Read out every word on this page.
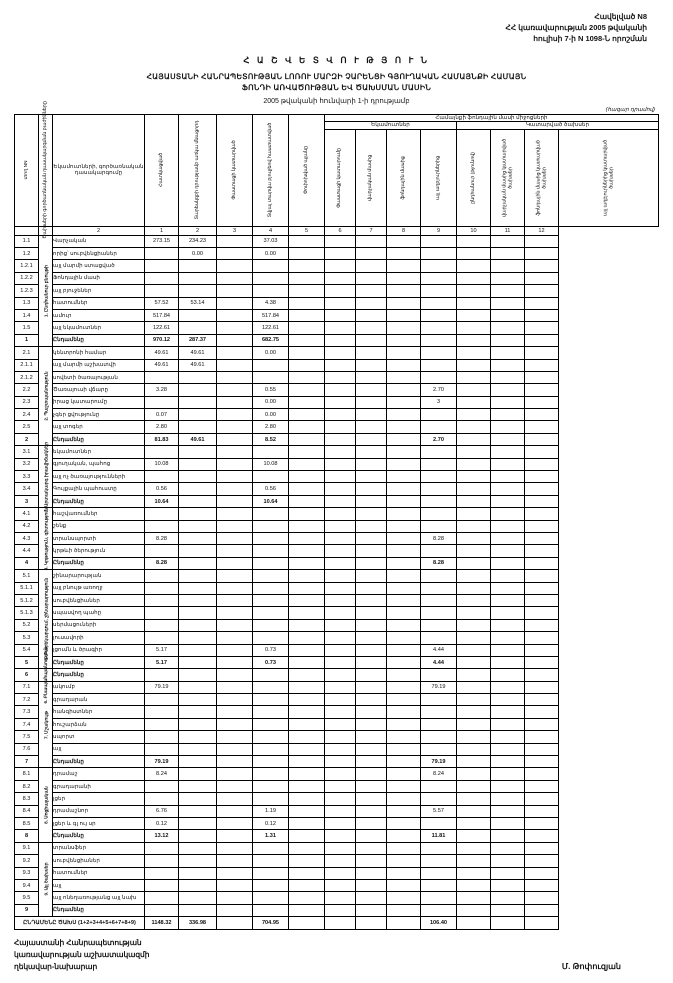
Հավելված N8
ՀՀ կառավարության 2005 թվականի
հուլիսի 7-ի N 1098-Ն որոշման
Հ Ա Շ Վ Ե Տ Վ Ո Ւ Թ Յ Ո Ւ Ն
ՀԱՅԱՍՏԱՆԻ ՀԱՆՐԱՊԵՏՈՒԹՅԱՆ ԼՈՌՈՒ ՄԱՐԶԻ ՉԱՐԵՆՑԻ ԳՅՈՒՂԱԿԱՆ ՀԱՄԱՅՆՔԻ ՀԱՄԱՅՆ
ՖՈՆԴԻ ԱՌՎԱԾՈՒԹՅԱՆ ԵՎ ԾԱԽՍՄԱՆ ՄԱՍԻՆ
2005 թվականի հունվարի 1-ի դրությամբ
(հազար դրամով)
տող NN	Ծախսերի գործառնական դասակարգման բաժինները	Եկամուտների, գործառնական դասակարգումը	Հատկացված	Տարեսկզբի դրությամբ առկա մնացորդ	Փաստացի կատարված	Տվյալ տարվա բյուջեով հաստատված	Փոփոխված պլանը	Համայնքի ֆոնդային մասի միջոցների							
								Եկամուտներ				Կատարված ծախսեր			

								Փաստացի կատարումը	վարչական մասից	ֆոնդային մասից	այլ աղբյուրներից	ընդհանուր (թյունով)	վարչական մասից կատարված ծախսեր	ֆոնդային մասից կատարված ծախսեր	այլ աղբյուրներից կատարված ծախսեր

		2	1	2	3	4	5	6	7	8	9	10	11	12	
1.1	1. Ընդհանուր բնույթի	Վարչական	273.15	234.23		37.03									
1.2		որից՝ սուբվենցիաներ		0.00		0.00									
1.2.1		այլ մարմի ստացված													
1.2.2		Ֆոնդային մասի													
1.2.3		այլ բյուջեներ													
1.3		հատումներ	57.52	53.14		4.38									
1.4		ամուր	517.84			517.84									
1.5		այլ եկամուտներ	122.61			122.61									
1		Ընդամենը	970.12	287.37		682.75									
2.1	2. Պաշտպանություն	կենտրոնի համար	49.61	49.61		0.00									
2.1.1		այլ մարմի աշխատվի	49.61	49.61											
2.1.2		սովետի ծառայության													
2.2		Ծառայուսի վճարը	3.28			0.55					2.70				
2.3		իրաց կատարումը				0.00					3				
2.4		չգեր ցվությունը	0.07			0.00									
2.5		այլ տոգեր	2.80			2.80									
2		Ընդամենը	81.83	49.61		8.52					2.70				
3.1	3. Արտակարգ իրավիճակներ	եկամուտներ													
3.2		գյուղական, պահոց	10.08			10.08									
3.3		այլ ոչ ծառայությունների													
3.4		Գույքային պահուստը	0.56			0.56									
3		Ընդամենը	10.64			10.64									
4.1	4. Կրթություն, գիտություն	հաշվառումներ													
4.2		շենք													
4.3		տրանսպորտի	8.28								8.28				
4.4		կրթևի ծերություն													
4		Ընդամենը	8.28								8.28				
5.1	5. Բարեկարգում, շինարարություն	շինարարության													
5.1.1		այլ բնույթ առողջ													
5.1.2		սուբվենցիաներ													
5.1.3		սպասվող պահը													
5.2		սերմացուների													
5.3		լուսավորի													
5.4		լցումն և ծրագիր	5.17			0.73					4.44				
5		Ընդամենը	5.17			0.73					4.44				
6	6. Բնապահպանություն	Ընդամենը													
7.1	7. Մշակույթ	ակումբ	79.19								79.19				
7.2		գրադարան													
7.3		հանգիստներ													
7.4		հուշարձան													
7.5		սպորտ													
7.6		այլ													
7		Ընդամենը	79.19								79.19				
8.1	8. Սոցիալական	դրամաշ	8.24								8.24				
8.2		գրադարանի													
8.3		լցեր													
8.4		դրամաշնոր	6.76			1.19					5.57				
8.5		լցեր և գլ ույ սր	0.12			0.12									
8		Ընդամենը	13.12			1.31					11.81				
9.1	9. Այլ ծախսեր	տրանսֆեր													
9.2		սուբվենցիաներ													
9.3		հատումներ													
9.4		այլ													
9.5		այլ ոնեղառությանց այլ նախ													
9		Ընդամենը													
ԸՆԴԱՄԵՆԸ ԾԱԽՍ (1+2+3+4+5+6+7+8+9)			1148.32	336.98		704.95					106.40				
Հայաստանի Հանրապետության
կառավարության աշխատակազմի
ղեկավար-նախարար	Մ. Թոփուզյան
